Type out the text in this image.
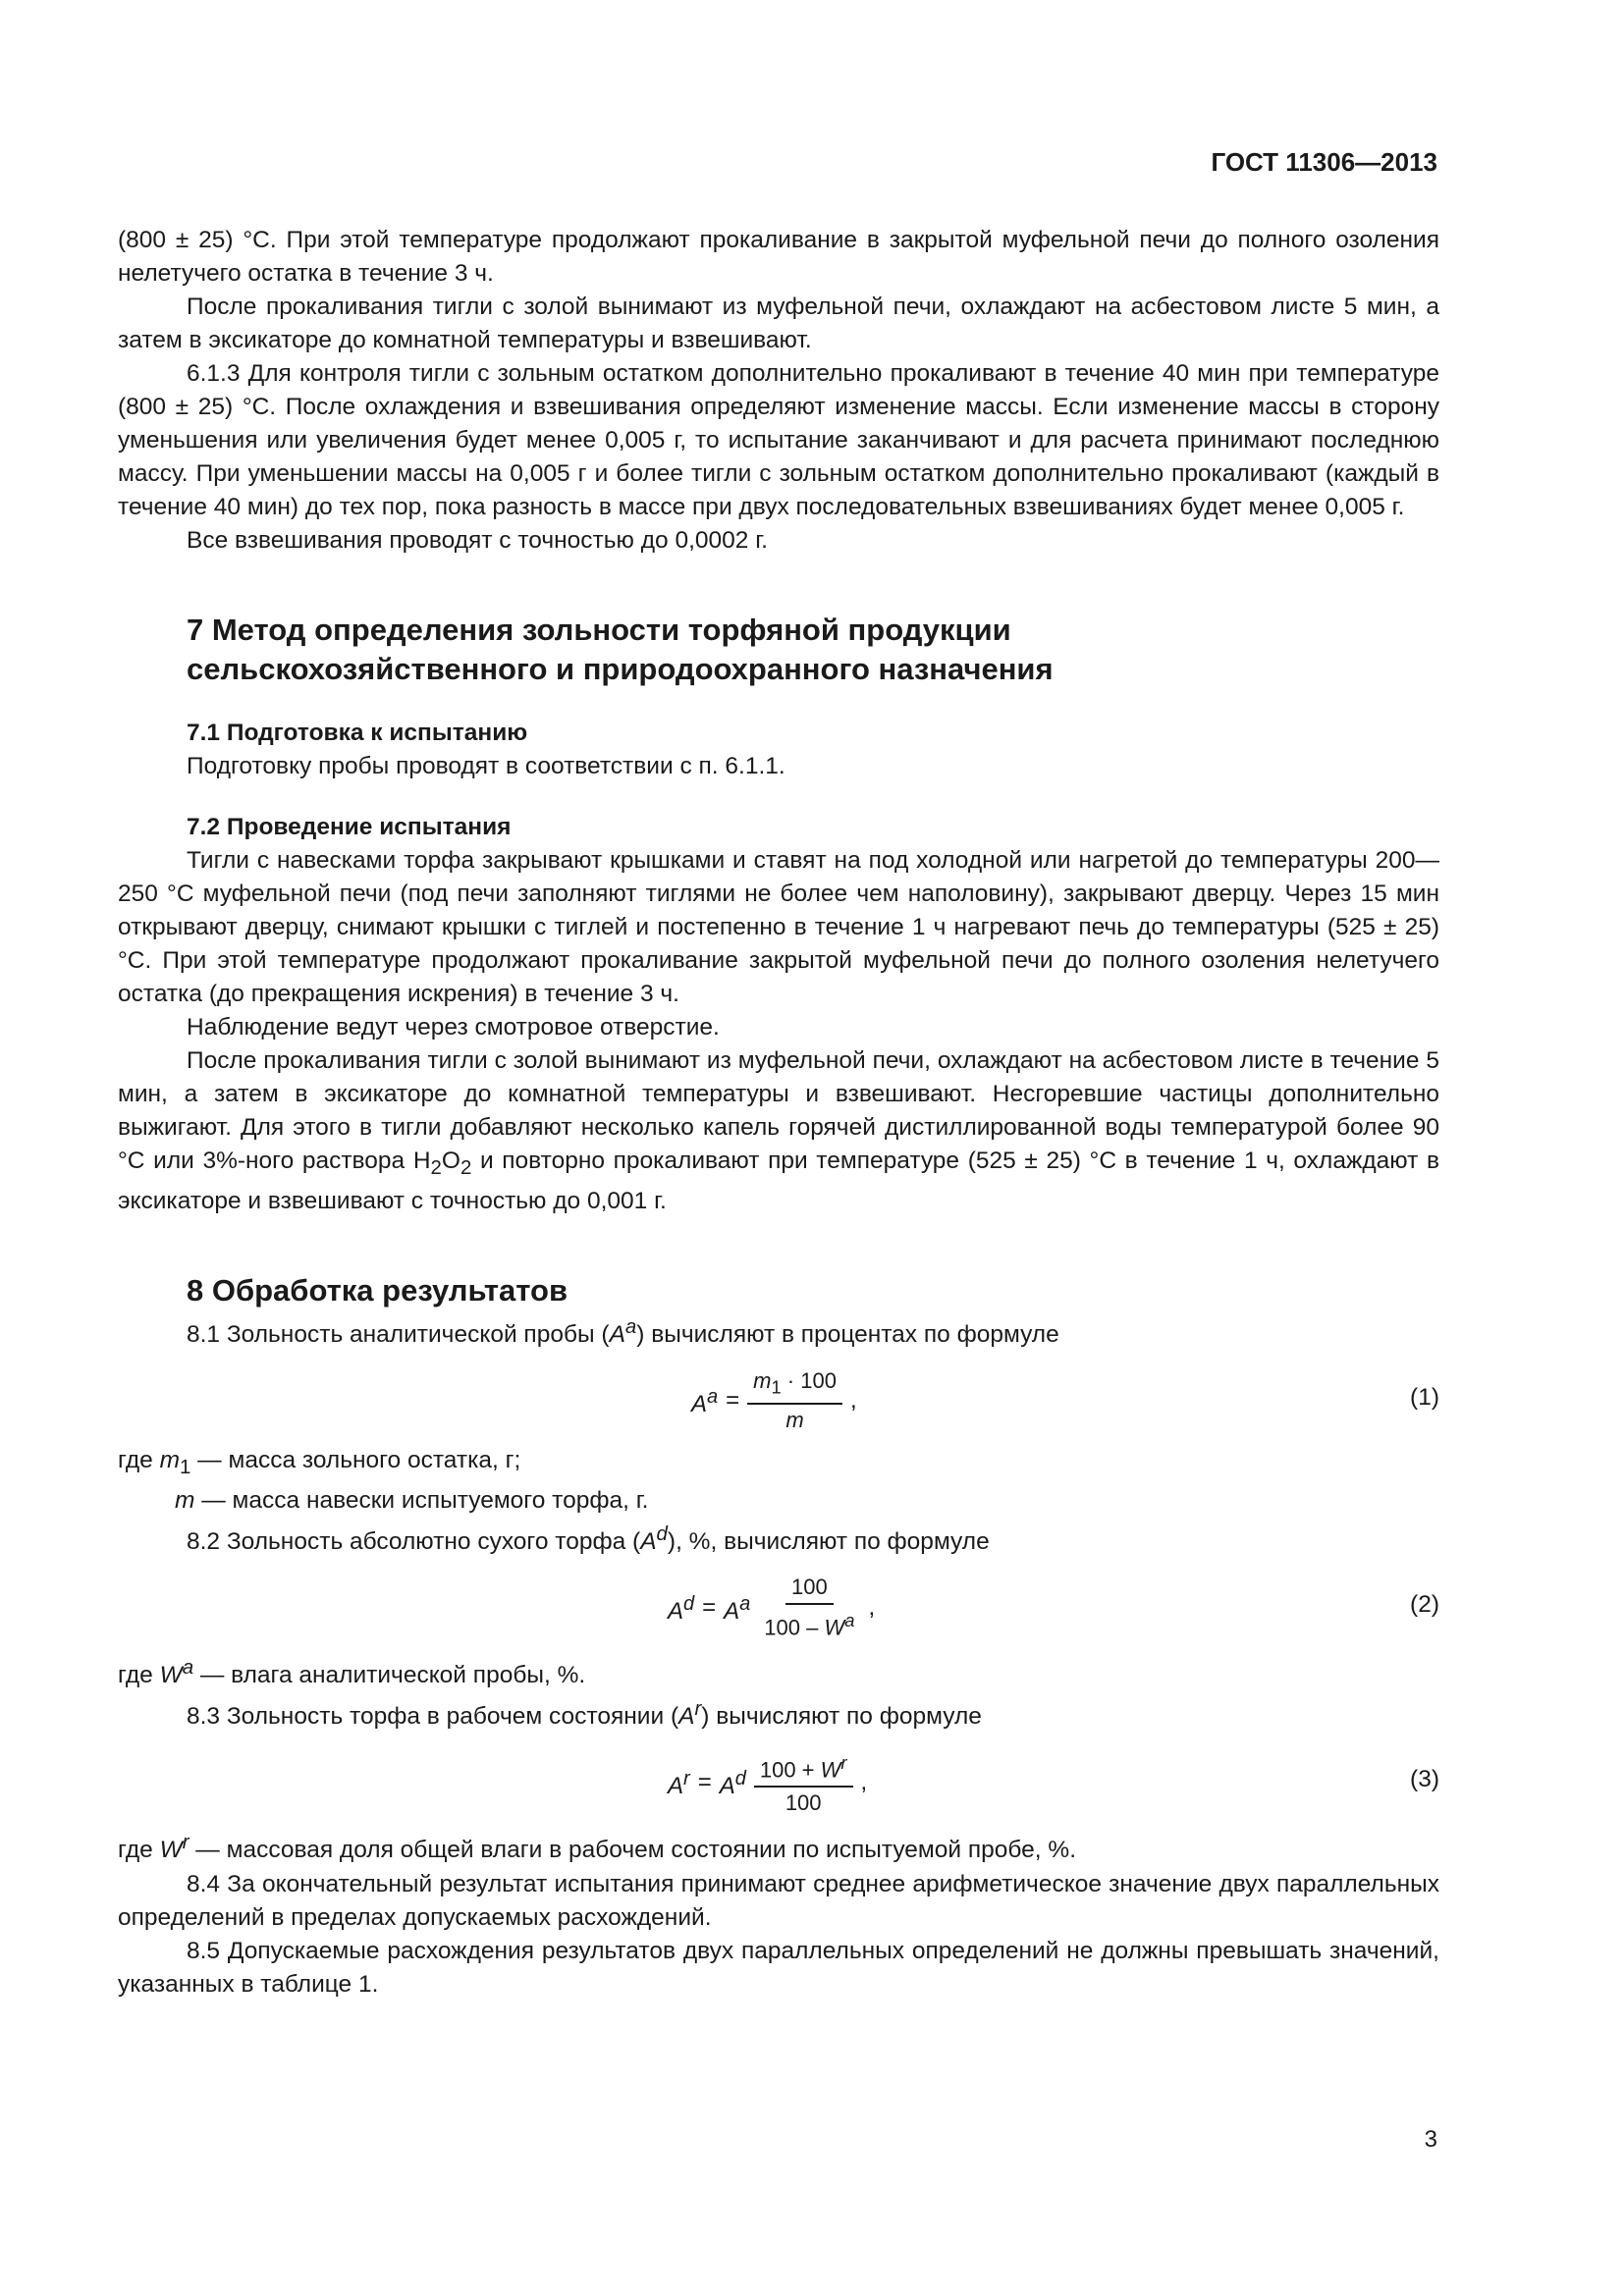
ГОСТ 11306—2013

(800 ± 25) °С. При этой температуре продолжают прокаливание в закрытой муфельной печи до полного озоления нелетучего остатка в течение 3 ч.

После прокаливания тигли с золой вынимают из муфельной печи, охлаждают на асбестовом листе 5 мин, а затем в эксикаторе до комнатной температуры и взвешивают.

6.1.3 Для контроля тигли с зольным остатком дополнительно прокаливают в течение 40 мин при температуре (800 ± 25) °С. После охлаждения и взвешивания определяют изменение массы. Если изменение массы в сторону уменьшения или увеличения будет менее 0,005 г, то испытание заканчивают и для расчета принимают последнюю массу. При уменьшении массы на 0,005 г и более тигли с зольным остатком дополнительно прокаливают (каждый в течение 40 мин) до тех пор, пока разность в массе при двух последовательных взвешиваниях будет менее 0,005 г.

Все взвешивания проводят с точностью до 0,0002 г.

7 Метод определения зольности торфяной продукции
сельскохозяйственного и природоохранного назначения
7.1 Подготовка к испытанию

Подготовку пробы проводят в соответствии с п. 6.1.1.

7.2 Проведение испытания

Тигли с навесками торфа закрывают крышками и ставят на под холодной или нагретой до температуры 200—250 °С муфельной печи (под печи заполняют тиглями не более чем наполовину), закрывают дверцу. Через 15 мин открывают дверцу, снимают крышки с тиглей и постепенно в течение 1 ч нагревают печь до температуры (525 ± 25) °С. При этой температуре продолжают прокаливание закрытой муфельной печи до полного озоления нелетучего остатка (до прекращения искрения) в течение 3 ч.

Наблюдение ведут через смотровое отверстие.

После прокаливания тигли с золой вынимают из муфельной печи, охлаждают на асбестовом листе в течение 5 мин, а затем в эксикаторе до комнатной температуры и взвешивают. Несгоревшие частицы дополнительно выжигают. Для этого в тигли добавляют несколько капель горячей дистиллированной воды температурой более 90 °С или 3%-ного раствора $H_2O_2$ и повторно прокаливают при температуре (525 ± 25) °С в течение 1 ч, охлаждают в эксикаторе и взвешивают с точностью до 0,001 г.

8 Обработка результатов

8.1 Зольность аналитической пробы $(A^a)$ вычисляют в процентах по формуле

$A^a = \frac{m_1 \cdot 100}{m}$ ,	(1)

где $m_1$ — масса зольного остатка, г;

m — масса навески испытуемого торфа, г.

8.2 Зольность абсолютно сухого торфа $(A^d)$, %, вычисляют по формуле

$A^d = A^a \frac{100}{100 - W^a}$ ,	(2)

где $W^a$ — влага аналитической пробы, %.

8.3 Зольность торфа в рабочем состоянии $(A^r)$ вычисляют по формуле

$A^r = A^d \frac{100 + W^r}{100}$ ,	(3)

где $W^r$ — массовая доля общей влаги в рабочем состоянии по испытуемой пробе, %.

8.4 За окончательный результат испытания принимают среднее арифметическое значение двух параллельных определений в пределах допускаемых расхождений.

8.5 Допускаемые расхождения результатов двух параллельных определений не должны превышать значений, указанных в таблице 1.

3
